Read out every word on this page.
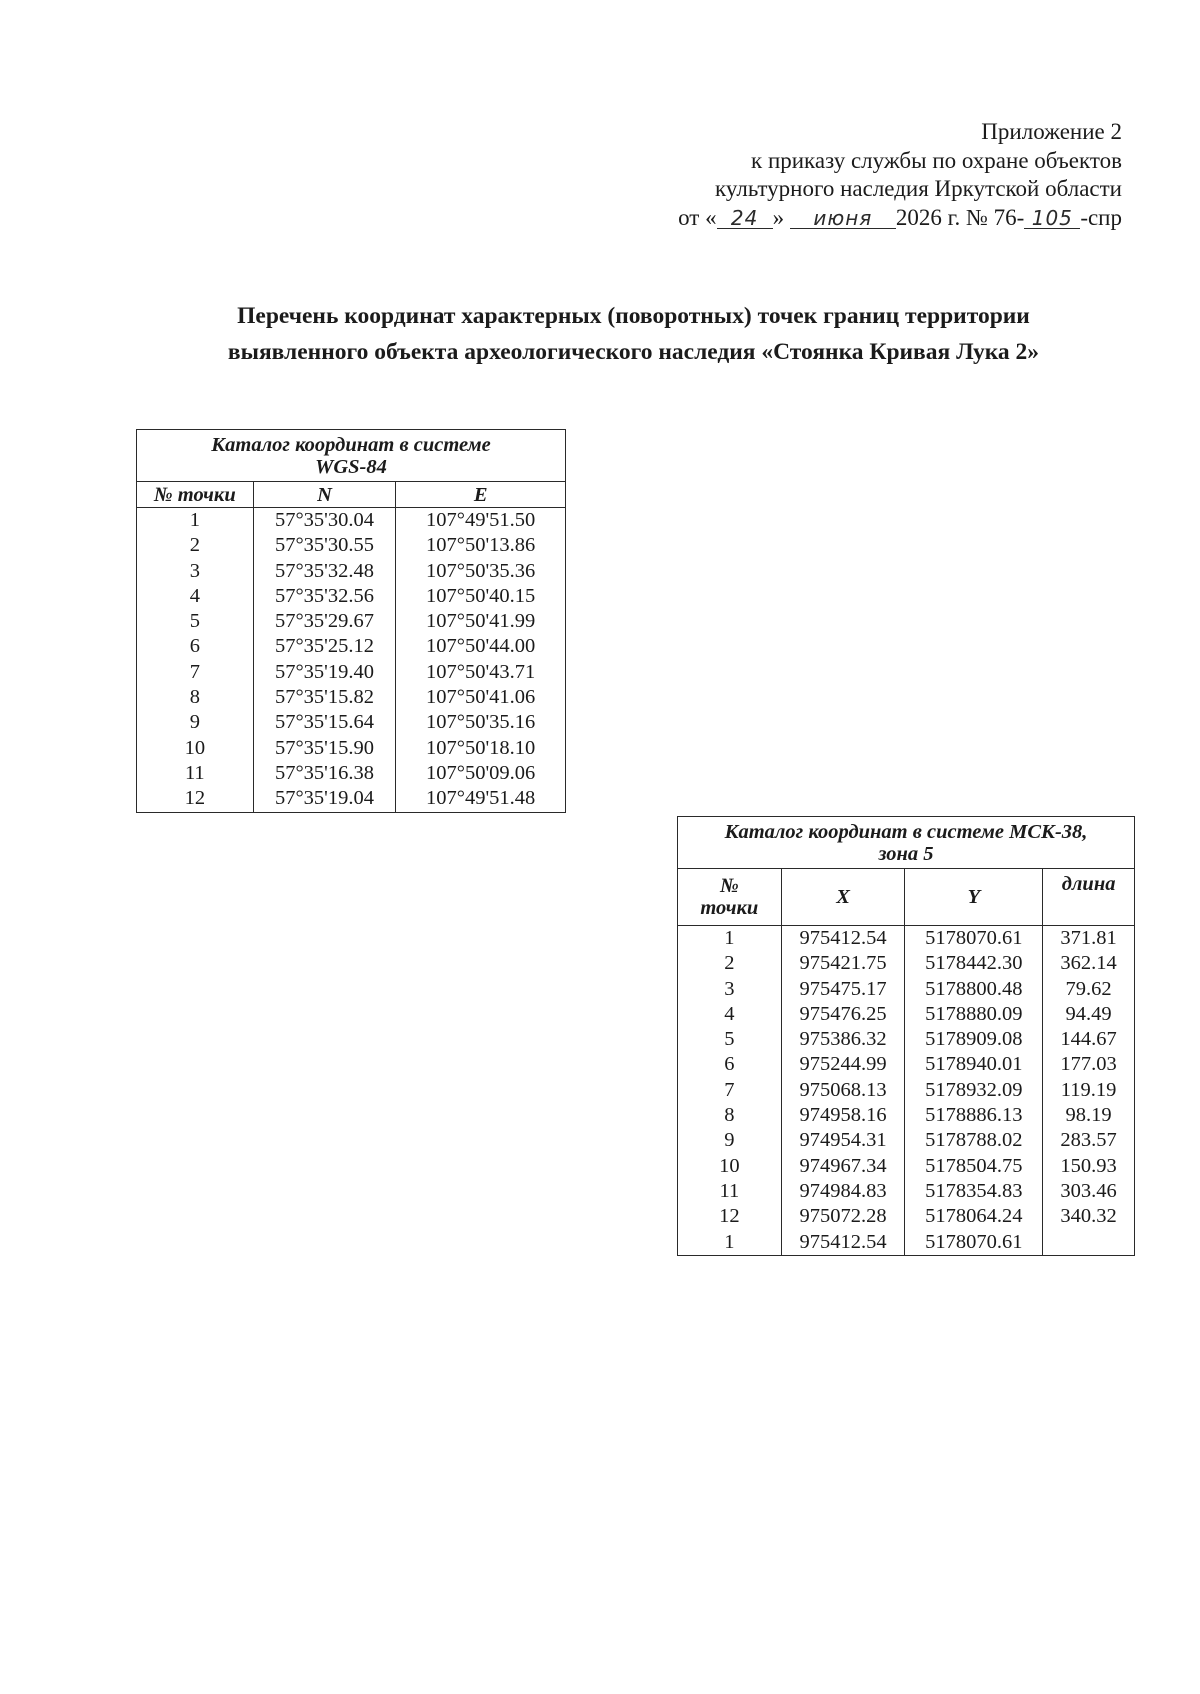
Приложение 2
к приказу службы по охране объектов
культурного наследия Иркутской области
от « 24 » июня 2026 г. № 76- 105 -спр
Перечень координат характерных (поворотных) точек границ территории
выявленного объекта археологического наследия «Стоянка Кривая Лука 2»
Каталог координат в системе
WGS-84		
№ точки	N	E
1	57°35'30.04	107°49'51.50
2	57°35'30.55	107°50'13.86
3	57°35'32.48	107°50'35.36
4	57°35'32.56	107°50'40.15
5	57°35'29.67	107°50'41.99
6	57°35'25.12	107°50'44.00
7	57°35'19.40	107°50'43.71
8	57°35'15.82	107°50'41.06
9	57°35'15.64	107°50'35.16
10	57°35'15.90	107°50'18.10
11	57°35'16.38	107°50'09.06
12	57°35'19.04	107°49'51.48
Каталог координат в системе МСК-38,
зона 5			
№
точки	X	Y	длина
1	975412.54	5178070.61	371.81
2	975421.75	5178442.30	362.14
3	975475.17	5178800.48	79.62
4	975476.25	5178880.09	94.49
5	975386.32	5178909.08	144.67
6	975244.99	5178940.01	177.03
7	975068.13	5178932.09	119.19
8	974958.16	5178886.13	98.19
9	974954.31	5178788.02	283.57
10	974967.34	5178504.75	150.93
11	974984.83	5178354.83	303.46
12	975072.28	5178064.24	340.32
1	975412.54	5178070.61	
